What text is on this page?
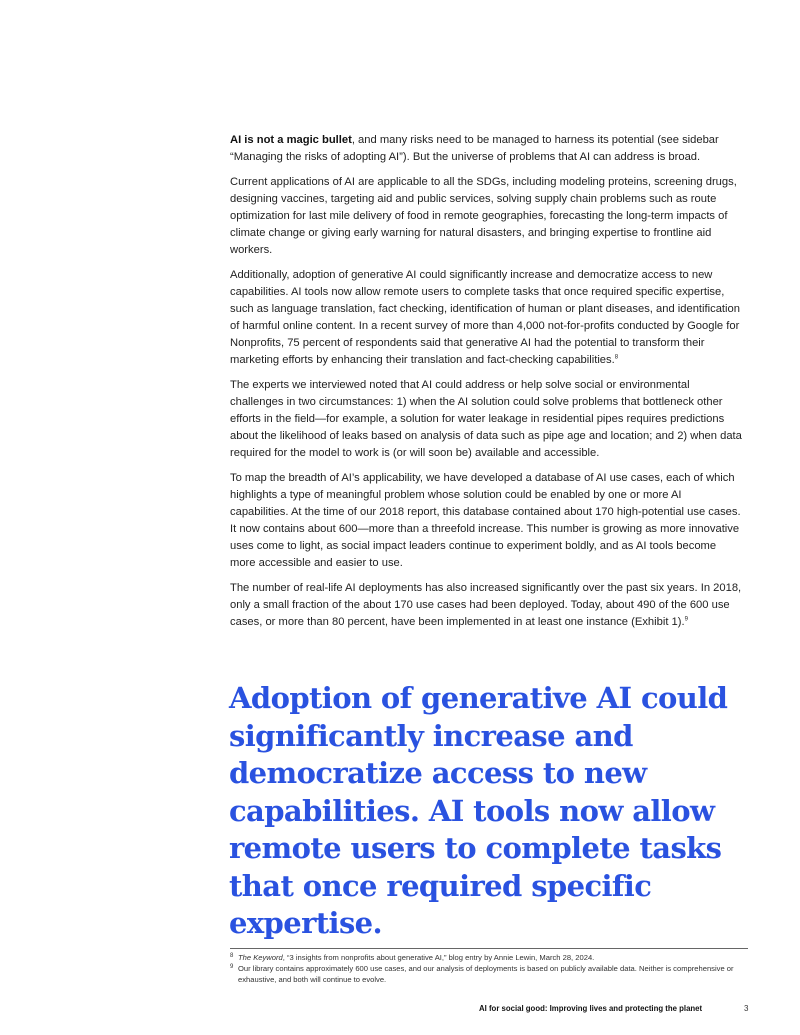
AI is not a magic bullet, and many risks need to be managed to harness its potential (see sidebar “Managing the risks of adopting AI”). But the universe of problems that AI can address is broad.

Current applications of AI are applicable to all the SDGs, including modeling proteins, screening drugs, designing vaccines, targeting aid and public services, solving supply chain problems such as route optimization for last mile delivery of food in remote geographies, forecasting the long-term impacts of climate change or giving early warning for natural disasters, and bringing expertise to frontline aid workers.

Additionally, adoption of generative AI could significantly increase and democratize access to new capabilities. AI tools now allow remote users to complete tasks that once required specific expertise, such as language translation, fact checking, identification of human or plant diseases, and identification of harmful online content. In a recent survey of more than 4,000 not-for-profits conducted by Google for Nonprofits, 75 percent of respondents said that generative AI had the potential to transform their marketing efforts by enhancing their translation and fact-checking capabilities.$^8$

The experts we interviewed noted that AI could address or help solve social or environmental challenges in two circumstances: 1) when the AI solution could solve problems that bottleneck other efforts in the field—for example, a solution for water leakage in residential pipes requires predictions about the likelihood of leaks based on analysis of data such as pipe age and location; and 2) when data required for the model to work is (or will soon be) available and accessible.

To map the breadth of AI’s applicability, we have developed a database of AI use cases, each of which highlights a type of meaningful problem whose solution could be enabled by one or more AI capabilities. At the time of our 2018 report, this database contained about 170 high-potential use cases. It now contains about 600—more than a threefold increase. This number is growing as more innovative uses come to light, as social impact leaders continue to experiment boldly, and as AI tools become more accessible and easier to use.

The number of real-life AI deployments has also increased significantly over the past six years. In 2018, only a small fraction of the about 170 use cases had been deployed. Today, about 490 of the 600 use cases, or more than 80 percent, have been implemented in at least one instance (Exhibit 1).$^9$

Adoption of generative AI could significantly increase and democratize access to new capabilities. AI tools now allow remote users to complete tasks that once required specific expertise.

8 The Keyword, “3 insights from nonprofits about generative AI,” blog entry by Annie Lewin, March 28, 2024.
9 Our library contains approximately 600 use cases, and our analysis of deployments is based on publicly available data. Neither is comprehensive or exhaustive, and both will continue to evolve.
AI for social good: Improving lives and protecting the planet	3
